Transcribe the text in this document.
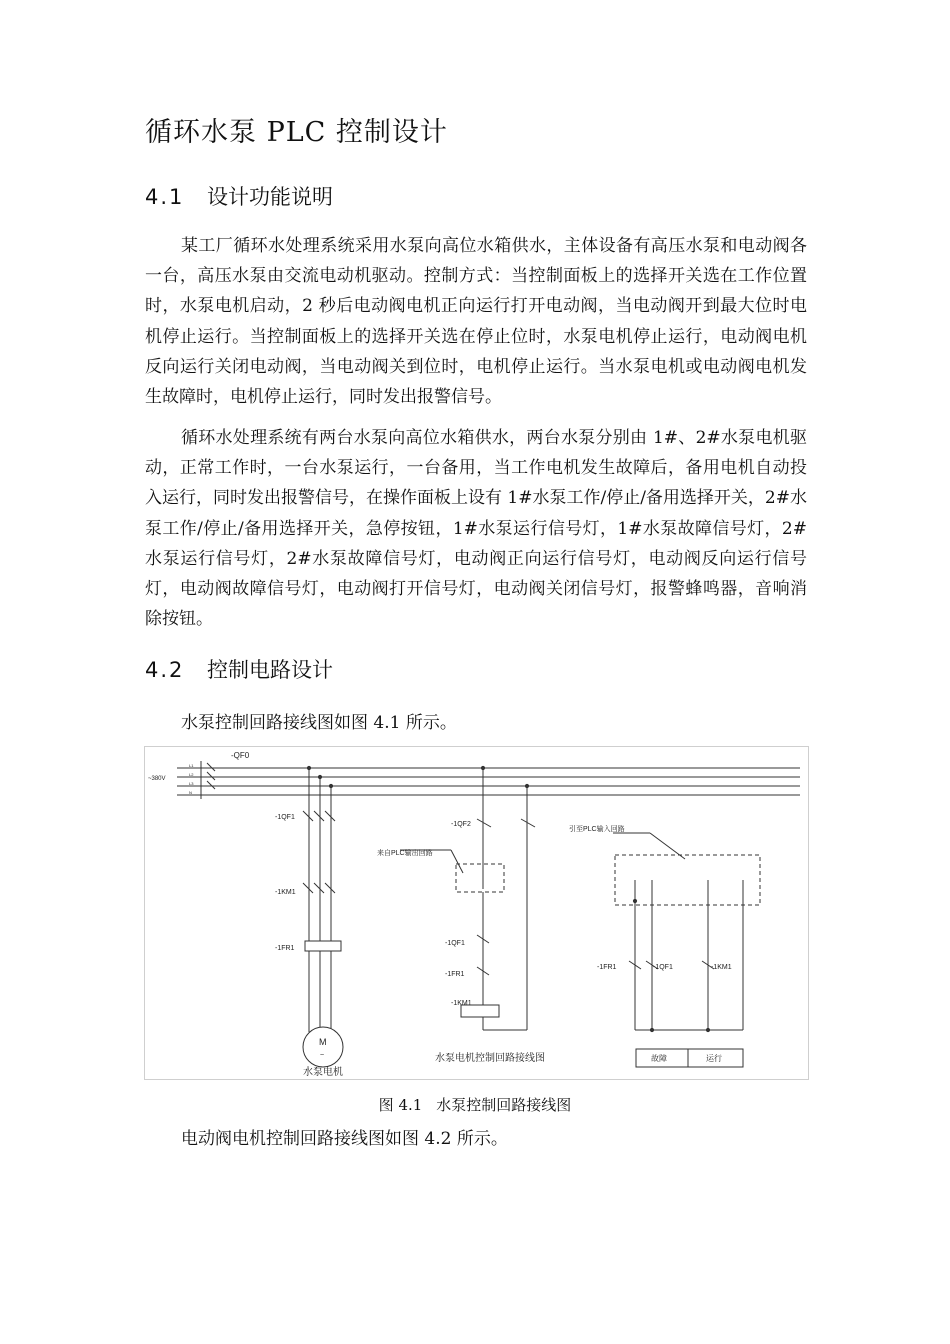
循环水泵 PLC 控制设计
4.1 设计功能说明
某工厂循环水处理系统采用水泵向高位水箱供水，主体设备有高压水泵和电动阀各一台，高压水泵由交流电动机驱动。控制方式：当控制面板上的选择开关选在工作位置时，水泵电机启动，2 秒后电动阀电机正向运行打开电动阀，当电动阀开到最大位时电机停止运行。当控制面板上的选择开关选在停止位时，水泵电机停止运行，电动阀电机反向运行关闭电动阀，当电动阀关到位时，电机停止运行。当水泵电机或电动阀电机发生故障时，电机停止运行，同时发出报警信号。
循环水处理系统有两台水泵向高位水箱供水，两台水泵分别由 1#、2#水泵电机驱动，正常工作时，一台水泵运行，一台备用，当工作电机发生故障后，备用电机自动投入运行，同时发出报警信号，在操作面板上设有 1#水泵工作/停止/备用选择开关，2#水泵工作/停止/备用选择开关，急停按钮，1#水泵运行信号灯，1#水泵故障信号灯，2#水泵运行信号灯，2#水泵故障信号灯，电动阀正向运行信号灯，电动阀反向运行信号灯，电动阀故障信号灯，电动阀打开信号灯，电动阀关闭信号灯，报警蜂鸣器，音响消除按钮。
4.2 控制电路设计
水泵控制回路接线图如图 4.1 所示。
-QF0
~380V
L1
L2
L3
N
-1QF1
-1KM1
-1FR1
M
~
水泵电机
-1QF2
来自PLC输出回路
-1QF1
-1FR1
-1KM1
水泵电机控制回路接线图
引至PLC输入回路
-1FR1	-1QF1	-1KM1
故障	运行
图 4.1 水泵控制回路接线图
电动阀电机控制回路接线图如图 4.2 所示。
